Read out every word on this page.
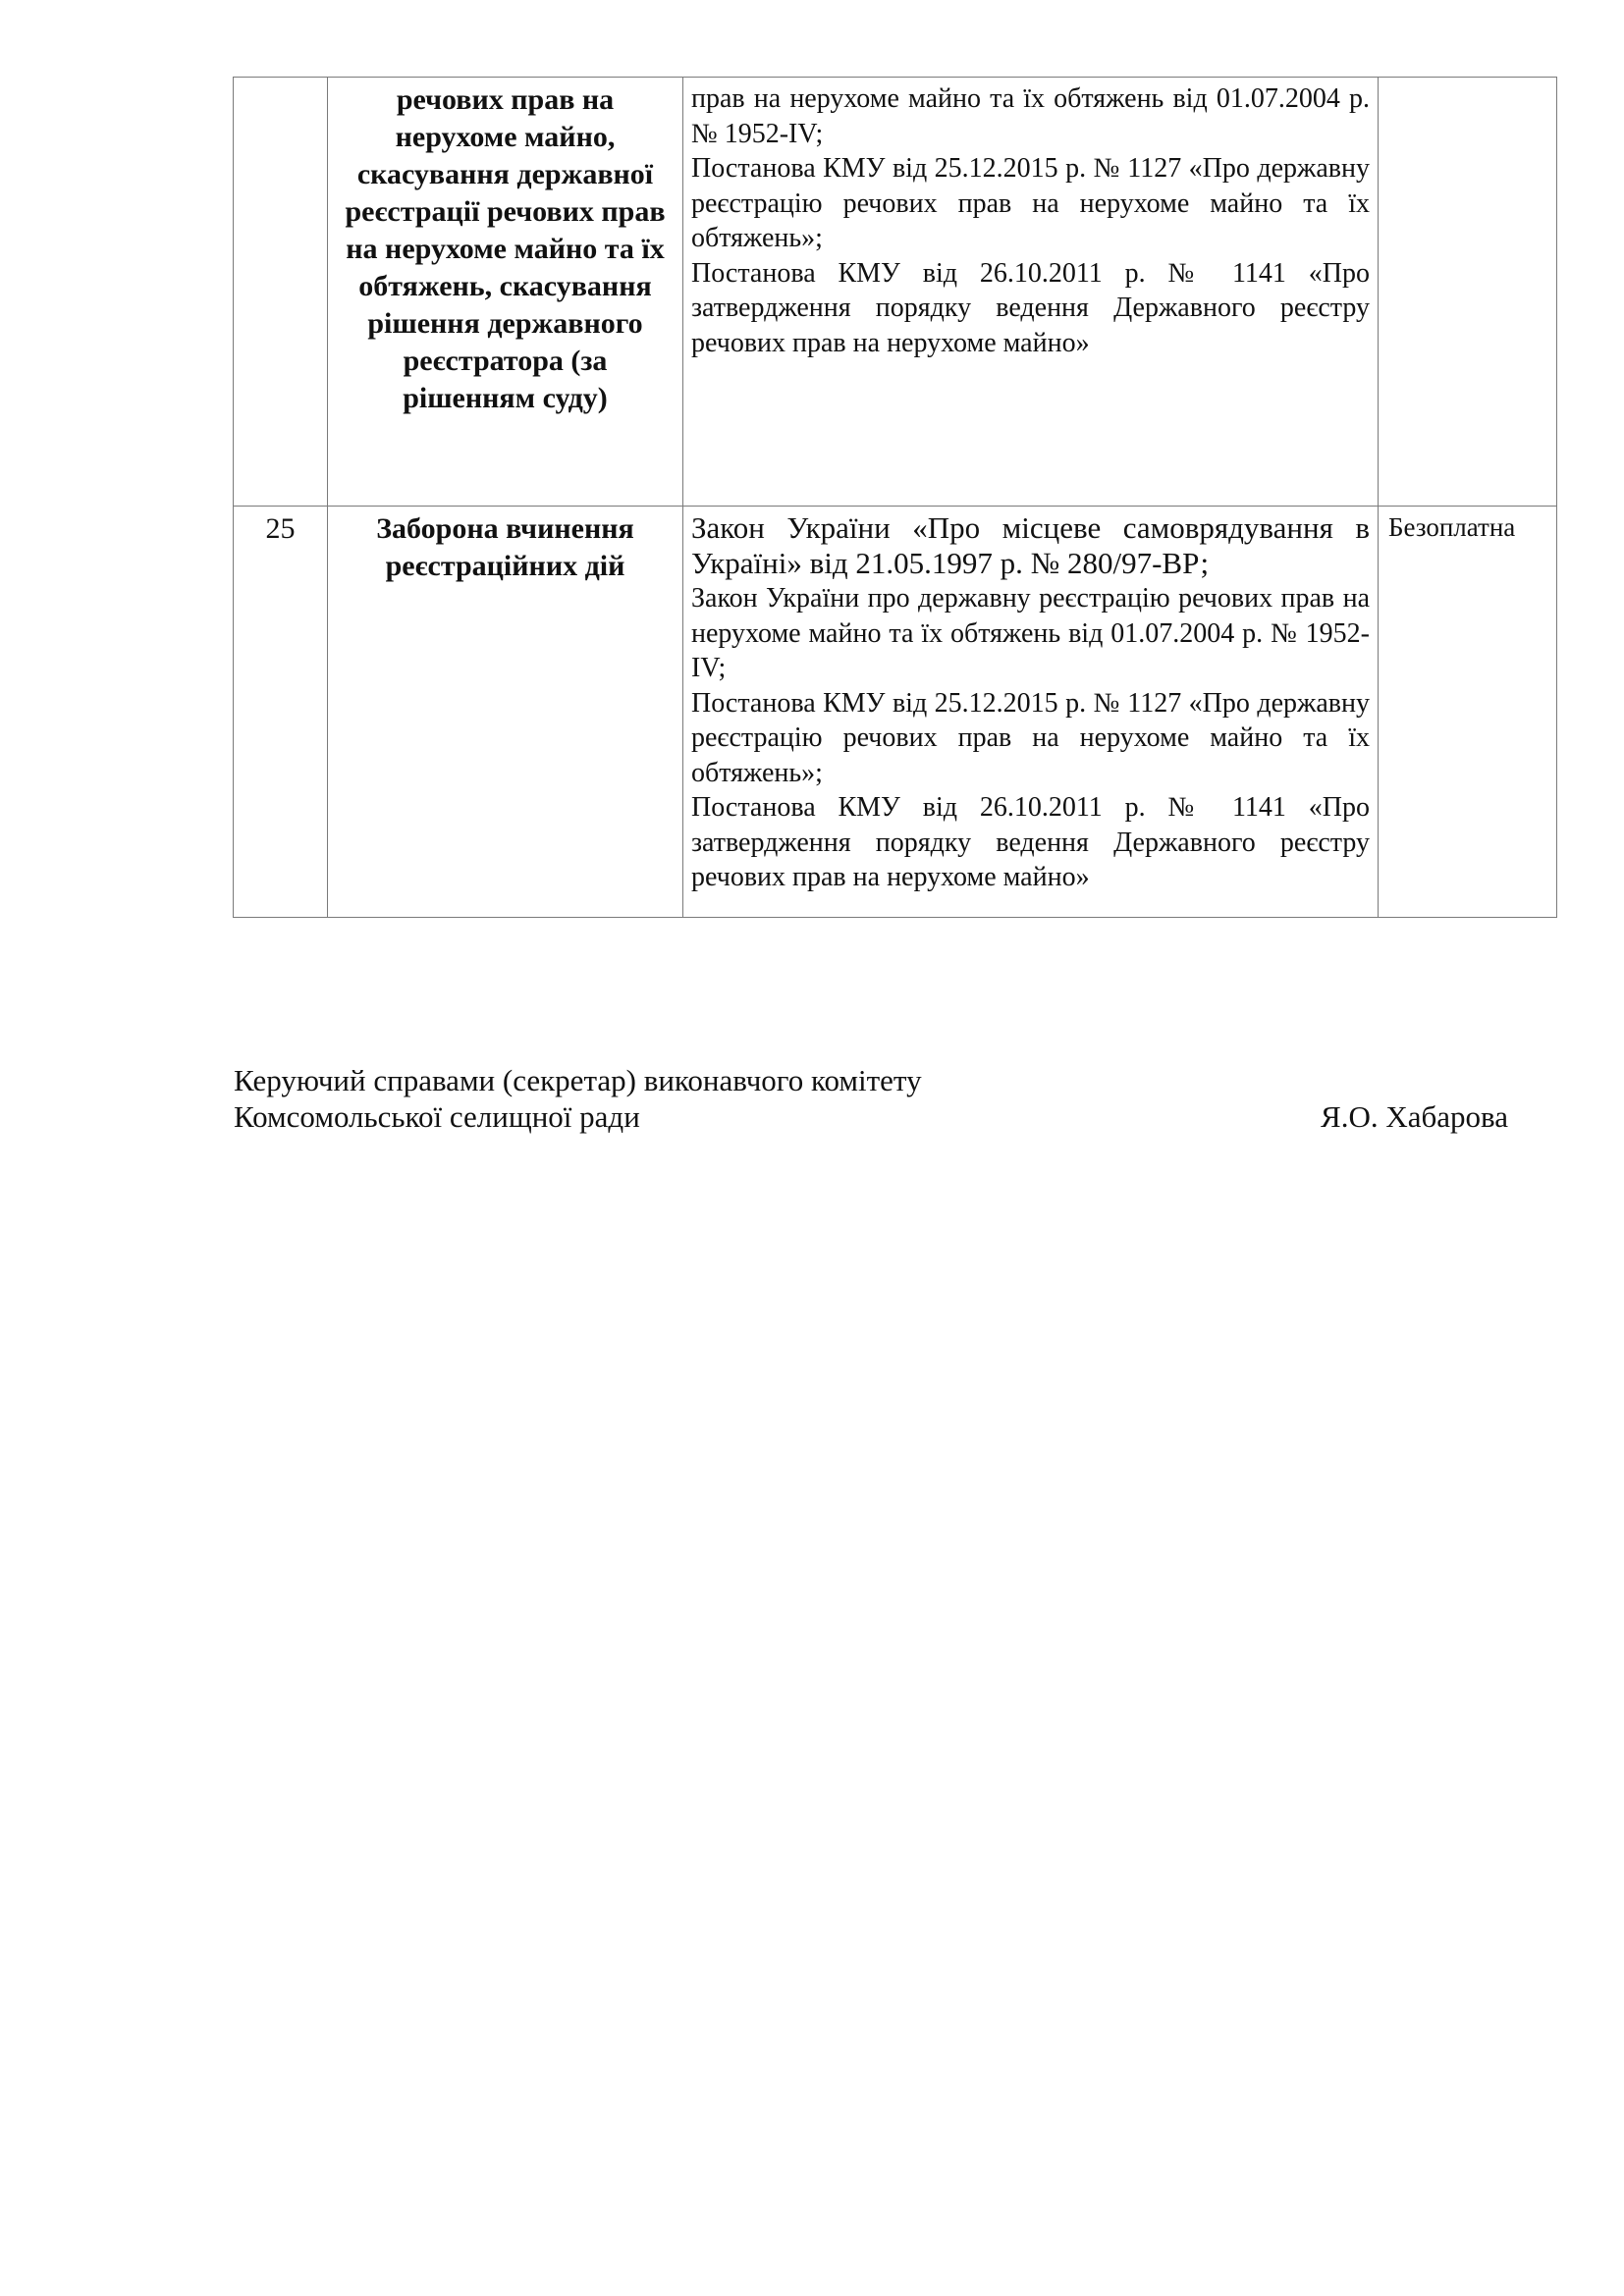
	речових прав на нерухоме майно, скасування державної реєстрації речових прав на нерухоме майно та їх обтяжень, скасування рішення державного реєстратора (за рішенням суду)	прав на нерухоме майно та їх обтяжень від 01.07.2004 р. № 1952-IV;
Постанова КМУ від 25.12.2015 р. № 1127 «Про державну реєстрацію речових прав на нерухоме майно та їх обтяжень»;
Постанова КМУ від 26.10.2011 р. № 1141 «Про затвердження порядку ведення Державного реєстру речових прав на нерухоме майно»	

25	Заборона вчинення реєстраційних дій	Закон України «Про місцеве самоврядування в Україні» від 21.05.1997 р. № 280/97-ВР;
Закон України про державну реєстрацію речових прав на нерухоме майно та їх обтяжень від 01.07.2004 р. № 1952-IV;
Постанова КМУ від 25.12.2015 р. № 1127 «Про державну реєстрацію речових прав на нерухоме майно та їх обтяжень»;
Постанова КМУ від 26.10.2011 р. № 1141 «Про затвердження порядку ведення Державного реєстру речових прав на нерухоме майно»	Безоплатна
Керуючий справами (секретар) виконавчого комітету
Комсомольської селищної ради	Я.О. Хабарова
